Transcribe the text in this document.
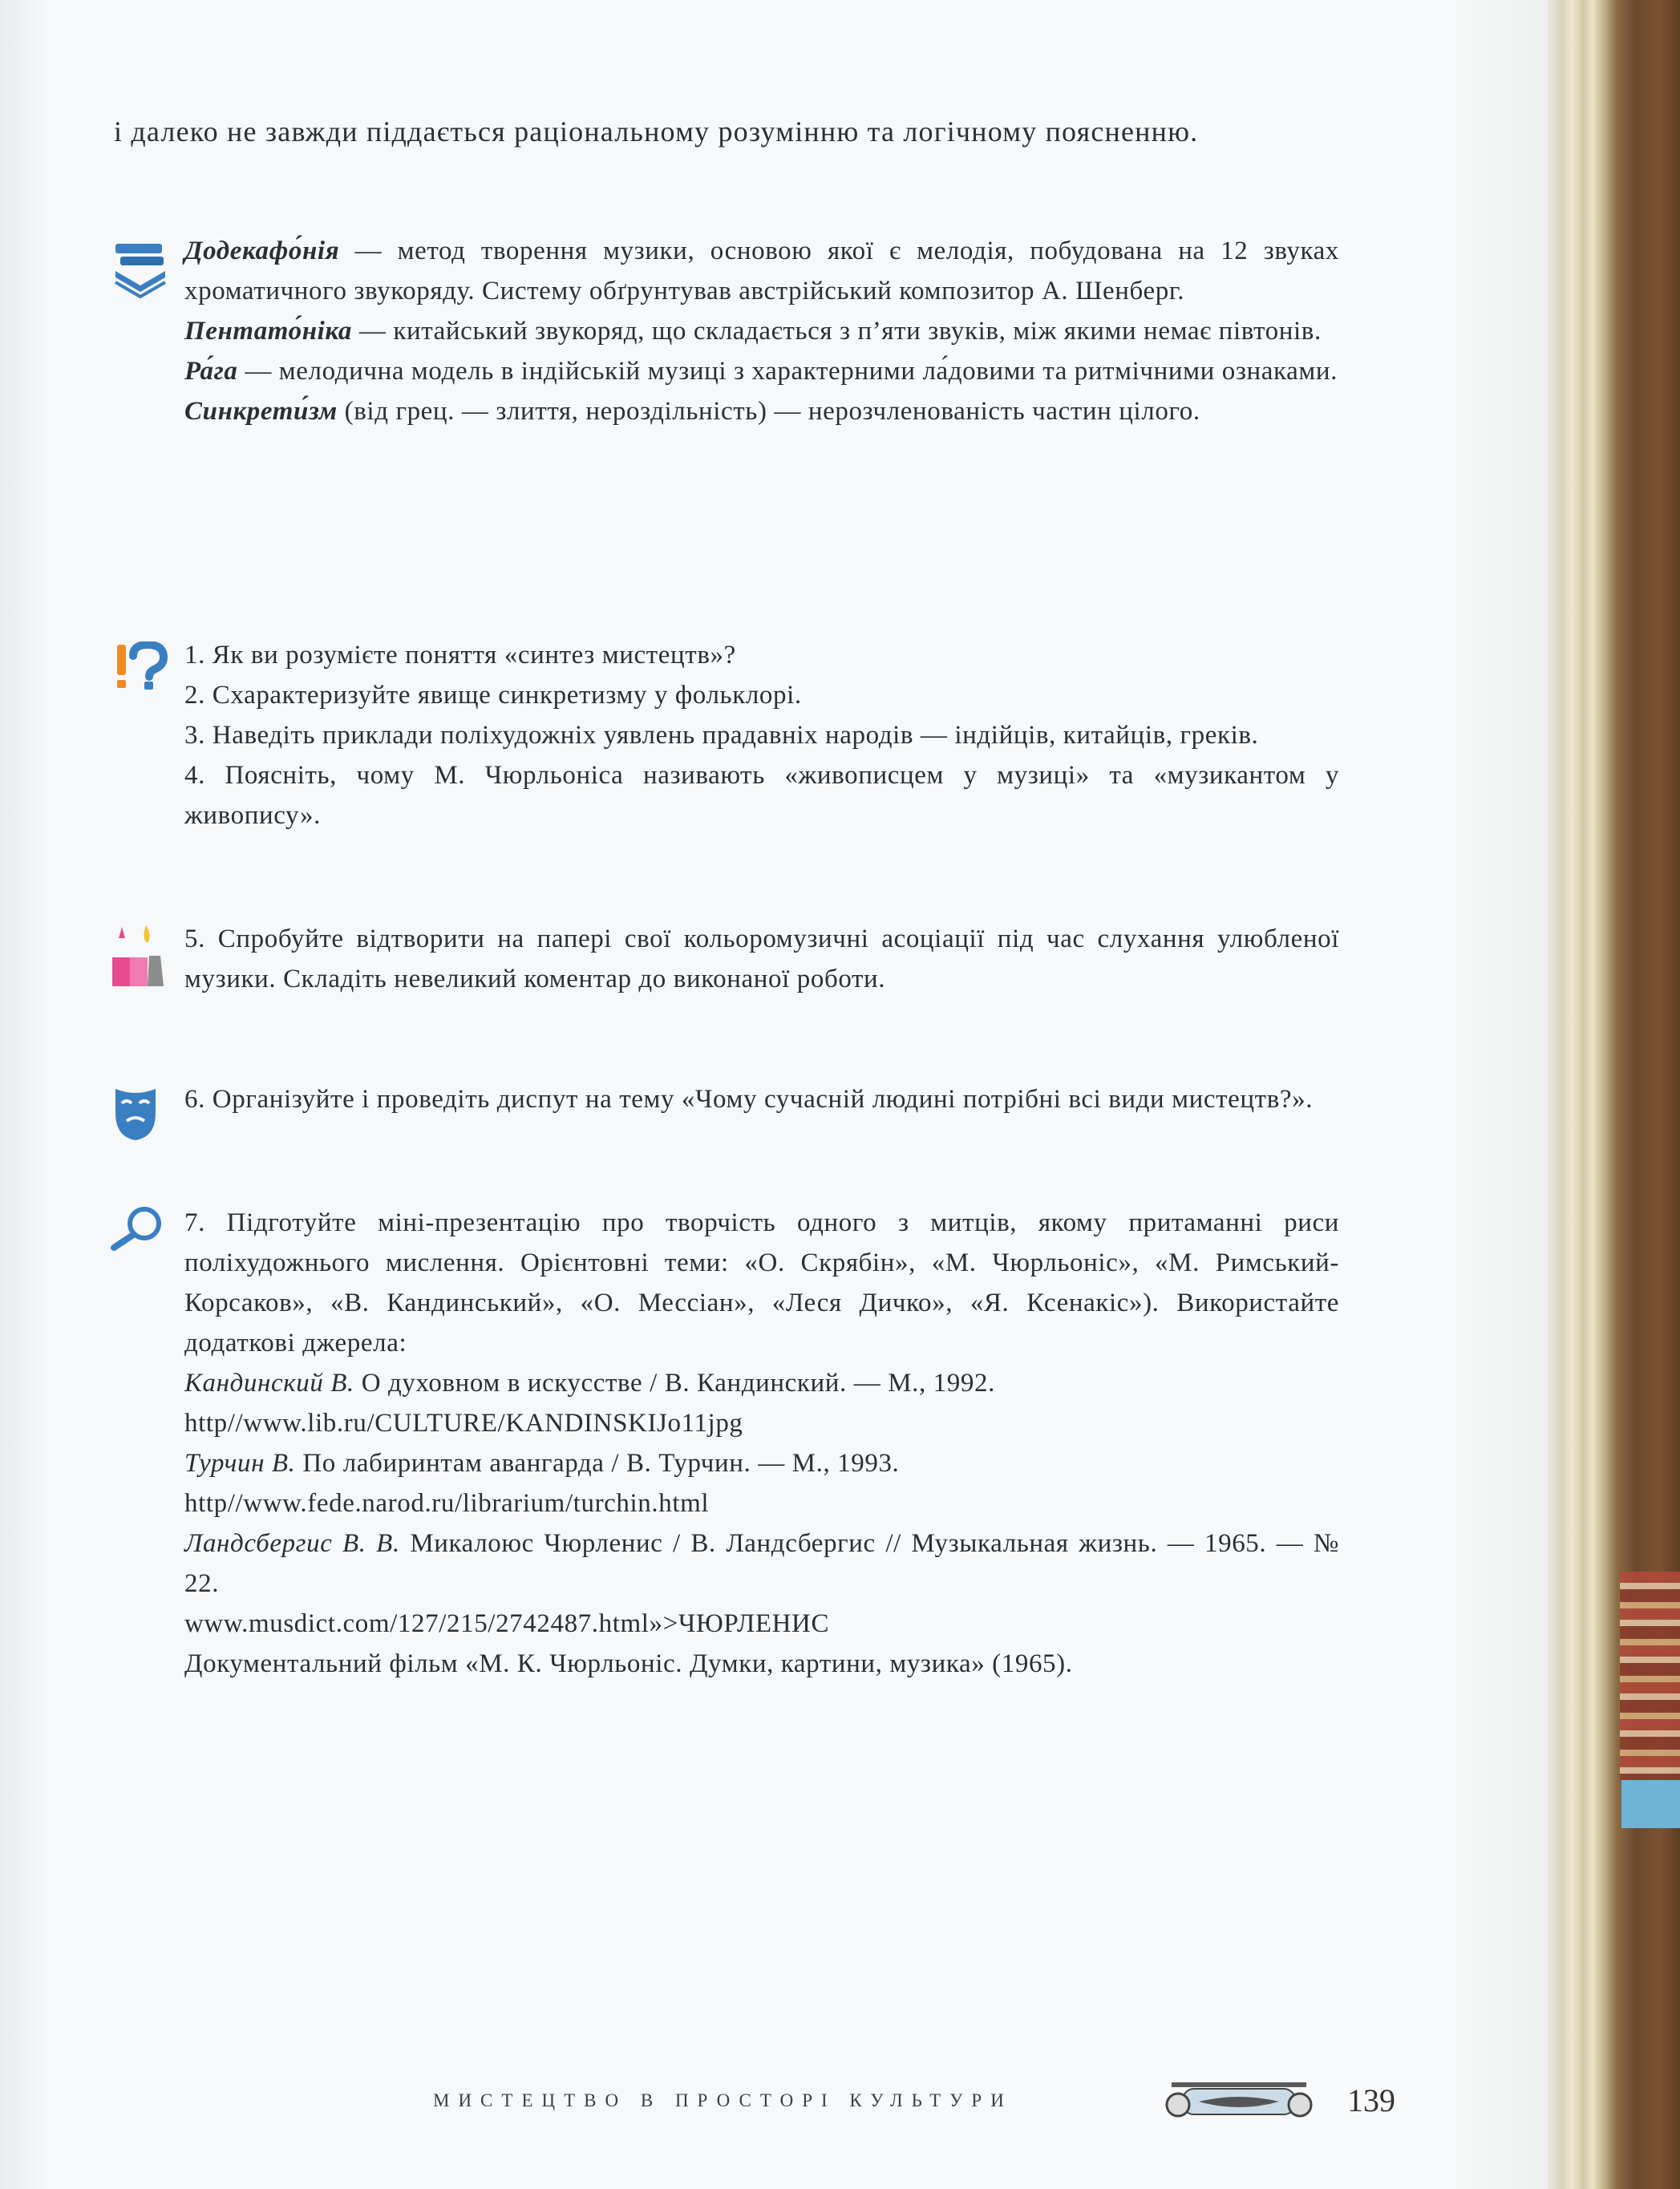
і далеко не завжди піддається раціональному розумінню та логічному поясненню.

Додекафо́нія — метод творення музики, основою якої є мелодія, побудована на 12 звуках хроматичного звукоряду. Систему обґрунтував австрійський композитор А. Шенберг.

Пентато́ніка — китайський звукоряд, що складається з п’яти звуків, між якими немає півтонів.

Ра́га — мелодична модель в індійській музиці з характерними ла́довими та ритмічними ознаками.

Синкрети́зм (від грец. — злиття, нероздільність) — нерозчленованість частин цілого.

1. Як ви розумієте поняття «синтез мистецтв»?

2. Схарактеризуйте явище синкретизму у фольклорі.

3. Наведіть приклади поліхудожніх уявлень прадавніх народів — індійців, китайців, греків.

4. Поясніть, чому М. Чюрльоніса називають «живописцем у музиці» та «музикантом у живопису».

5. Спробуйте відтворити на папері свої кольоромузичні асоціації під час слухання улюбленої музики. Складіть невеликий коментар до виконаної роботи.

6. Організуйте і проведіть диспут на тему «Чому сучасній людині потрібні всі види мистецтв?».

7. Підготуйте міні-презентацію про творчість одного з митців, якому притаманні риси поліхудожнього мислення. Орієнтовні теми: «О. Скрябін», «М. Чюрльоніс», «М. Римський-Корсаков», «В. Кандинський», «О. Мессіан», «Леся Дичко», «Я. Ксенакіс»). Використайте додаткові джерела:

Кандинский В. О духовном в искусстве / В. Кандинский. — М., 1992.

http//www.lib.ru/CULTURE/KANDINSKIJo11jpg

Турчин В. По лабиринтам авангарда / В. Турчин. — М., 1993.

http//www.fede.narod.ru/librarium/turchin.html

Ландсбергис В. В. Микалоюс Чюрленис / В. Ландсбергис // Музыкальная жизнь. — 1965. — № 22.

www.musdict.com/127/215/2742487.html»>ЧЮРЛЕНИС

Документальний фільм «М. К. Чюрльоніс. Думки, картини, музика» (1965).

МИСТЕЦТВО В ПРОСТОРІ КУЛЬТУРИ	139
